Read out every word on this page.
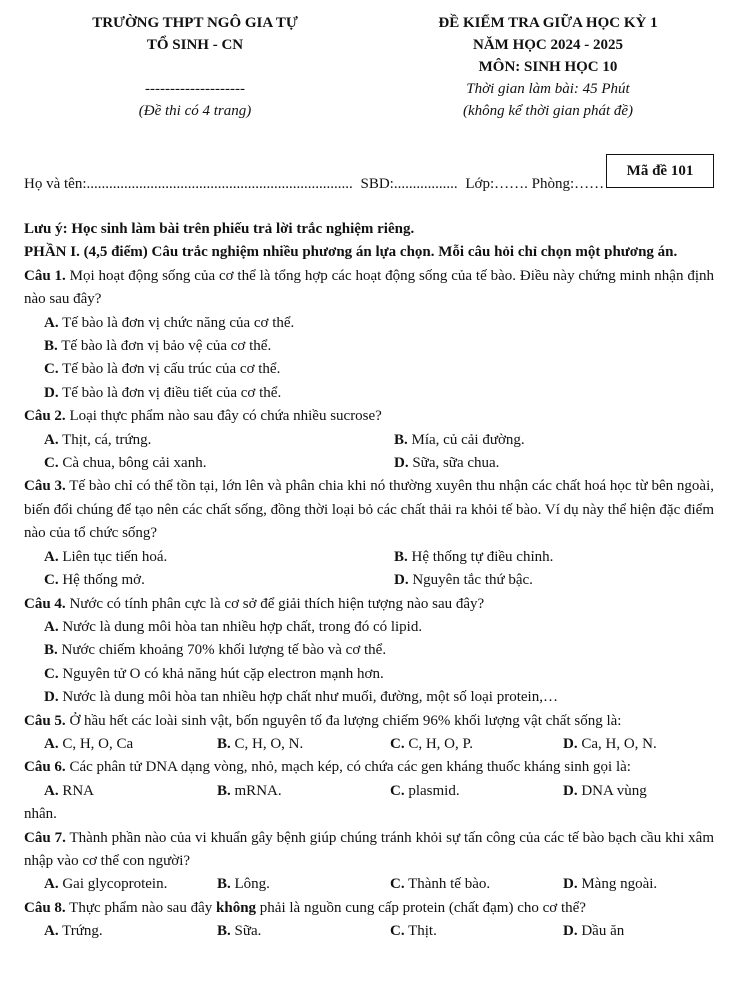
TRƯỜNG THPT NGÔ GIA TỰ
TỔ SINH - CN
--------------------
(Đề thi có 4 trang)
ĐỀ KIỂM TRA GIỮA HỌC KỲ 1
NĂM HỌC 2024 - 2025
MÔN: SINH HỌC 10
Thời gian làm bài: 45 Phút
(không kể thời gian phát đề)
Họ và tên:....................................................................... SBD:................. Lớp:……. Phòng:……
Mã đề 101

Lưu ý: Học sinh làm bài trên phiếu trả lời trắc nghiệm riêng.

PHẦN I. (4,5 điểm) Câu trắc nghiệm nhiều phương án lựa chọn. Mỗi câu hỏi chỉ chọn một phương án.

Câu 1. Mọi hoạt động sống của cơ thể là tổng hợp các hoạt động sống của tế bào. Điều này chứng minh nhận định nào sau đây?

A. Tế bào là đơn vị chức năng của cơ thể.
B. Tế bào là đơn vị bảo vệ của cơ thể.
C. Tế bào là đơn vị cấu trúc của cơ thể.
D. Tế bào là đơn vị điều tiết của cơ thể.

Câu 2. Loại thực phẩm nào sau đây có chứa nhiều sucrose?

A. Thịt, cá, trứng.	B. Mía, củ cải đường.
C. Cà chua, bông cải xanh.	D. Sữa, sữa chua.

Câu 3. Tế bào chỉ có thể tồn tại, lớn lên và phân chia khi nó thường xuyên thu nhận các chất hoá học từ bên ngoài, biến đổi chúng để tạo nên các chất sống, đồng thời loại bỏ các chất thải ra khỏi tế bào. Ví dụ này thể hiện đặc điểm nào của tổ chức sống?

A. Liên tục tiến hoá.	B. Hệ thống tự điều chỉnh.
C. Hệ thống mở.	D. Nguyên tắc thứ bậc.

Câu 4. Nước có tính phân cực là cơ sở để giải thích hiện tượng nào sau đây?

A. Nước là dung môi hòa tan nhiều hợp chất, trong đó có lipid.
B. Nước chiếm khoảng 70% khối lượng tế bào và cơ thể.
C. Nguyên tử O có khả năng hút cặp electron mạnh hơn.
D. Nước là dung môi hòa tan nhiều hợp chất như muối, đường, một số loại protein,…

Câu 5. Ở hầu hết các loài sinh vật, bốn nguyên tố đa lượng chiếm 96% khối lượng vật chất sống là:

A. C, H, O, Ca	B. C, H, O, N.	C. C, H, O, P.	D. Ca, H, O, N.

Câu 6. Các phân tử DNA dạng vòng, nhỏ, mạch kép, có chứa các gen kháng thuốc kháng sinh gọi là:

A. RNA	B. mRNA.	C. plasmid.	D. DNA vùng
nhân.

Câu 7. Thành phần nào của vi khuẩn gây bệnh giúp chúng tránh khỏi sự tấn công của các tế bào bạch cầu khi xâm nhập vào cơ thể con người?

A. Gai glycoprotein.	B. Lông.	C. Thành tế bào.	D. Màng ngoài.

Câu 8. Thực phẩm nào sau đây không phải là nguồn cung cấp protein (chất đạm) cho cơ thể?

A. Trứng.	B. Sữa.	C. Thịt.	D. Dầu ăn
